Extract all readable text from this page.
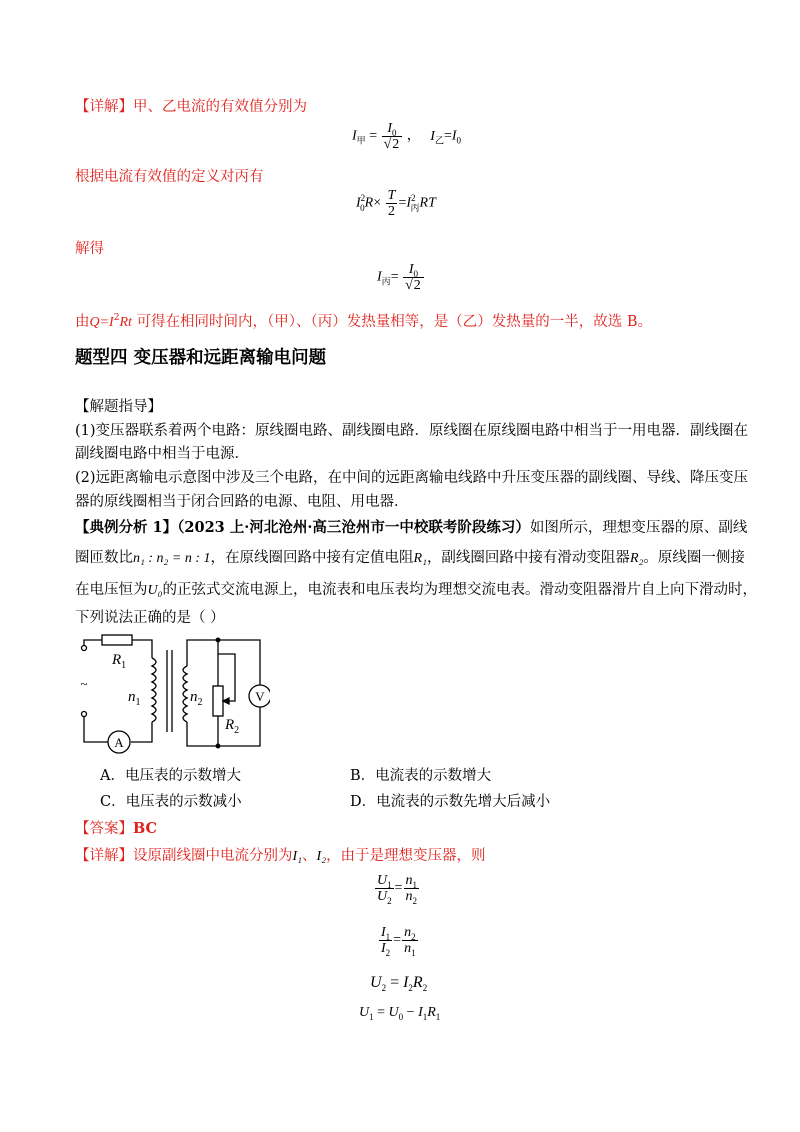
【详解】甲、乙电流的有效值分别为
$I_甲 = \frac{I_0}{√2}$ ， $I_乙=I_0$
根据电流有效值的定义对丙有
$I^2_0R\times \frac{T}{2} =I^2_丙RT$
解得
$I_丙= \frac{I_0}{√2}$
由$Q=I^2Rt$ 可得在相同时间内，（甲）、（丙）发热量相等，是（乙）发热量的一半，故选 B。
题型四 变压器和远距离输电问题
【解题指导】
(1)变压器联系着两个电路：原线圈电路、副线圈电路．原线圈在原线圈电路中相当于一用电器．副线圈在
副线圈电路中相当于电源．
(2)远距离输电示意图中涉及三个电路，在中间的远距离输电线路中升压变压器的副线圈、导线、降压变压
器的原线圈相当于闭合回路的电源、电阻、用电器．
【典例分析 1】（2023 上·河北沧州·高三沧州市一中校联考阶段练习）如图所示，理想变压器的原、副线
圈匝数比n₁ : n₂ = n : 1，在原线圈回路中接有定值电阻R₁，副线圈回路中接有滑动变阻器R₂。原线圈一侧接
在电压恒为U₀的正弦式交流电源上，电流表和电压表均为理想交流电表。滑动变阻器滑片自上向下滑动时，
下列说法正确的是（ ）
$R_1$
$n_1$	$n_2$
$R_2$
V
A
~
A．电压表的示数增大	B．电流表的示数增大
C．电压表的示数减小	D．电流表的示数先增大后减小
【答案】BC
【详解】设原副线圈中电流分别为I₁、I₂，由于是理想变压器，则
$\frac{U_1}{U_2} = \frac{n_1}{n_2}$
$\frac{I_1}{I_2} = \frac{n_2}{n_1}$
$U_2 = I_2R_2$
$U_1 = U_0 - I_1R_1$
